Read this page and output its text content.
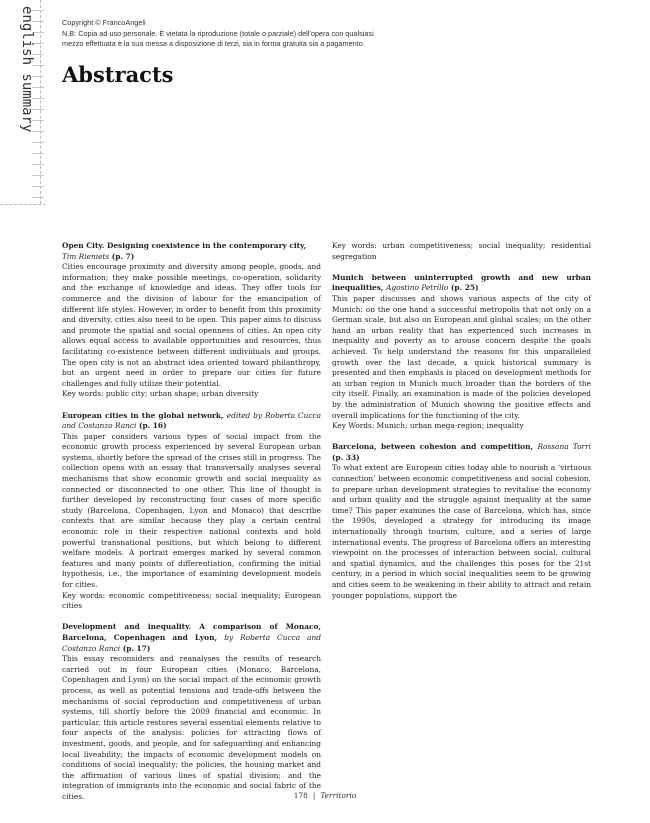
english summary	Copyright © FrancoAngeli
N.B: Copia ad uso personale. È vietata la riproduzione (totale o parziale) dell'opera con qualsiasi
mezzo effettuata e la sua messa a disposizione di terzi, sia in forma gratuita sia a pagamento.
Abstracts

Open City. Designing coexistence in the contemporary city,
Tim Rieniets (p. 7)

Cities encourage proximity and diversity among people, goods, and information; they make possible meetings, co-operation, solidarity and the exchange of knowledge and ideas. They offer tools for commerce and the division of labour for the emancipation of different life styles. However, in order to benefit from this proximity and diversity, cities also need to be open. This paper aims to discuss and promote the spatial and social openness of cities. An open city allows equal access to available opportunities and resources, thus facilitating co-existence between different individuals and groups. The open city is not an abstract idea oriented toward philanthropy, but an urgent need in order to prepare our cities for future challenges and fully utilize their potential.

Key words: public city; urban shape; urban diversity

European cities in the global network, edited by Roberta Cucca and Costanzo Ranci (p. 16)

This paper considers various types of social impact from the economic growth process experienced by several European urban systems, shortly before the spread of the crises still in progress. The collection opens with an essay that transversally analyses several mechanisms that show economic growth and social inequality as connected or disconnected to one other. This line of thought is further developed by reconstructing four cases of more specific study (Barcelona, Copenhagen, Lyon and Monaco) that describe contexts that are similar because they play a certain central economic role in their respective national contexts and hold powerful transnational positions, but which belong to different welfare models. A portrait emerges marked by several common features and many points of differentiation, confirming the initial hypothesis, i.e., the importance of examining development models for cities.

Key words: economic competitiveness; social inequality; European cities

Development and inequality. A comparison of Monaco, Barcelona, Copenhagen and Lyon, by Roberta Cucca and Costanzo Ranci (p. 17)

This essay reconsiders and reanalyses the results of research carried out in four European cities (Monaco, Barcelona, Copenhagen and Lyon) on the social impact of the economic growth process, as well as potential tensions and trade-offs between the mechanisms of social reproduction and competitiveness of urban systems, till shortly before the 2009 financial and economic. In particular, this article restores several essential elements relative to four aspects of the analysis: policies for attracting flows of investment, goods, and people, and for safeguarding and enhancing local liveability; the impacts of economic development models on conditions of social inequality; the policies, the housing market and the affirmation of various lines of spatial division; and the integration of immigrants into the economic and social fabric of the cities.

Key words: urban competitiveness; social inequality; residential segregation

Munich between uninterrupted growth and new urban inequalities, Agostino Petrillo (p. 25)

This paper discusses and shows various aspects of the city of Munich: on the one hand a successful metropolis that not only on a German scale, but also on European and global scales; on the other hand an urban reality that has experienced such increases in inequality and poverty as to arouse concern despite the goals achieved. To help understand the reasons for this unparalleled growth over the last decade, a quick historical summary is presented and then emphasis is placed on development methods for an urban region in Munich much broader than the borders of the city itself. Finally, an examination is made of the policies developed by the administration of Munich showing the positive effects and overall implications for the functioning of the city.

Key Words: Munich; urban mega-region; inequality

Barcelona, between cohesion and competition, Rossana Torri (p. 33)

To what extent are European cities today able to nourish a ‘virtuous connection’ between economic competitiveness and social cohesion, to prepare urban development strategies to revitalise the economy and urban quality and the struggle against inequality at the same time? This paper examines the case of Barcelona, which has, since the 1990s, developed a strategy for introducing its image internationally through tourism, culture, and a series of large international events. The progress of Barcelona offers an interesting viewpoint on the processes of interaction between social, cultural and spatial dynamics, and the challenges this poses for the 21st century, in a period in which social inequalities seem to be growing and cities seem to be weakening in their ability to attract and retain younger populations, support the

178 | Territorio
